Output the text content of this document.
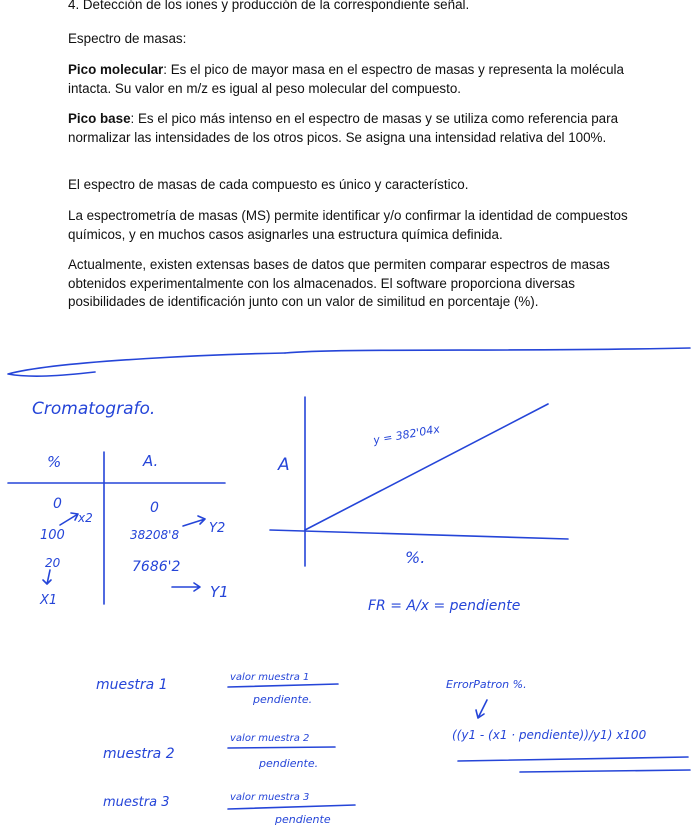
4. Detección de los iones y producción de la correspondiente señal.

Espectro de masas:

Pico molecular: Es el pico de mayor masa en el espectro de masas y representa la molécula intacta. Su valor en m/z es igual al peso molecular del compuesto.

Pico base: Es el pico más intenso en el espectro de masas y se utiliza como referencia para normalizar las intensidades de los otros picos. Se asigna una intensidad relativa del 100%.

El espectro de masas de cada compuesto es único y característico.

La espectrometría de masas (MS) permite identificar y/o confirmar la identidad de compuestos químicos, y en muchos casos asignarles una estructura química definida.

Actualmente, existen extensas bases de datos que permiten comparar espectros de masas obtenidos experimentalmente con los almacenados. El software proporciona diversas posibilidades de identificación junto con un valor de similitud en porcentaje (%).

Cromatografo.
%	A.
0	0
x2
100	38208'8 Y2
20	7686'2
X1	Y1
A
y = 382'04x
%.
FR = A/x = pendiente
muestra 1	valor muestra 1
pendiente.
muestra 2
valor muestra 2
pendiente.
muestra 3	valor muestra 3
pendiente
ErrorPatron %.
((y1 - (x1 · pendiente))/y1) x100
